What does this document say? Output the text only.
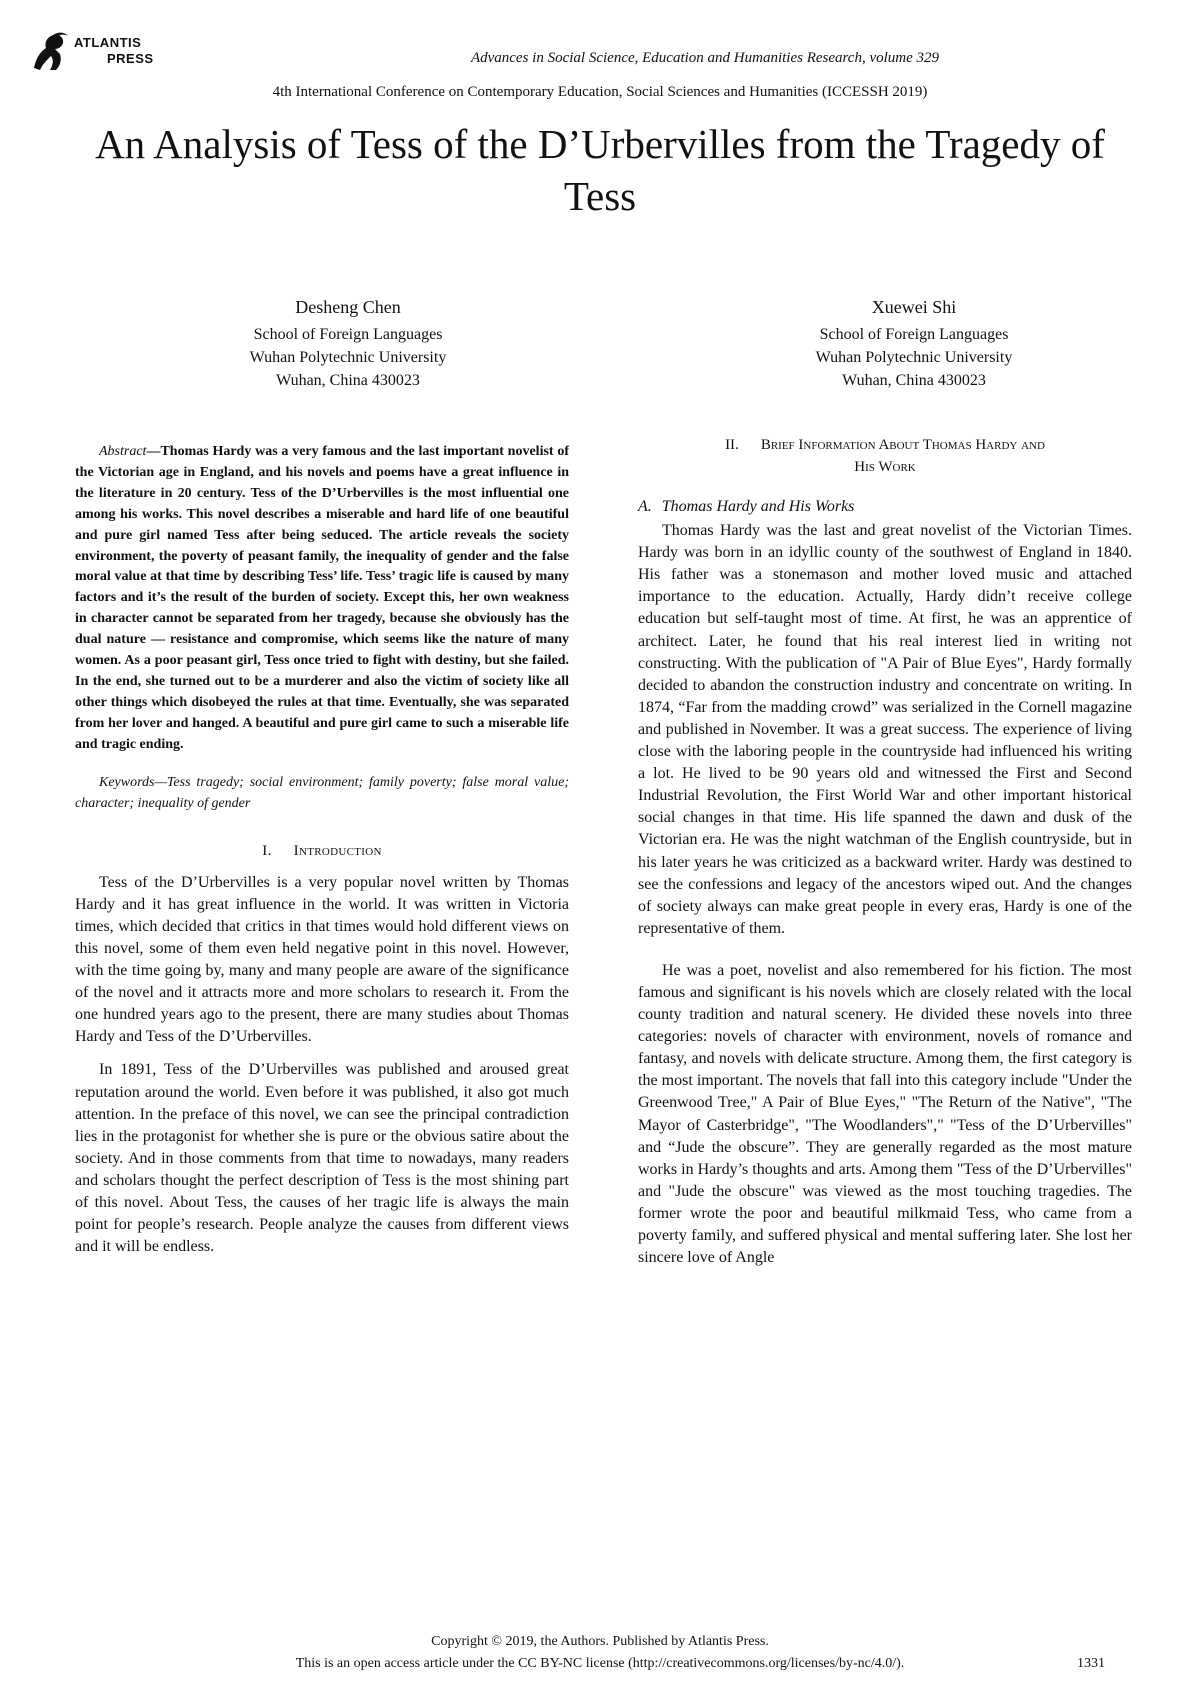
ATLANTIS
PRESS	Advances in Social Science, Education and Humanities Research, volume 329
4th International Conference on Contemporary Education, Social Sciences and Humanities (ICCESSH 2019)
An Analysis of Tess of the D’Urbervilles from the Tragedy of Tess
Desheng Chen
School of Foreign Languages
Wuhan Polytechnic University
Wuhan, China 430023
Xuewei Shi
School of Foreign Languages
Wuhan Polytechnic University
Wuhan, China 430023

Abstract—Thomas Hardy was a very famous and the last important novelist of the Victorian age in England, and his novels and poems have a great influence in the literature in 20 century. Tess of the D’Urbervilles is the most influential one among his works. This novel describes a miserable and hard life of one beautiful and pure girl named Tess after being seduced. The article reveals the society environment, the poverty of peasant family, the inequality of gender and the false moral value at that time by describing Tess’ life. Tess’ tragic life is caused by many factors and it’s the result of the burden of society. Except this, her own weakness in character cannot be separated from her tragedy, because she obviously has the dual nature — resistance and compromise, which seems like the nature of many women. As a poor peasant girl, Tess once tried to fight with destiny, but she failed. In the end, she turned out to be a murderer and also the victim of society like all other things which disobeyed the rules at that time. Eventually, she was separated from her lover and hanged. A beautiful and pure girl came to such a miserable life and tragic ending.

Keywords—Tess tragedy; social environment; family poverty; false moral value; character; inequality of gender

I. Introduction

Tess of the D’Urbervilles is a very popular novel written by Thomas Hardy and it has great influence in the world. It was written in Victoria times, which decided that critics in that times would hold different views on this novel, some of them even held negative point in this novel. However, with the time going by, many and many people are aware of the significance of the novel and it attracts more and more scholars to research it. From the one hundred years ago to the present, there are many studies about Thomas Hardy and Tess of the D’Urbervilles.

In 1891, Tess of the D’Urbervilles was published and aroused great reputation around the world. Even before it was published, it also got much attention. In the preface of this novel, we can see the principal contradiction lies in the protagonist for whether she is pure or the obvious satire about the society. And in those comments from that time to nowadays, many readers and scholars thought the perfect description of Tess is the most shining part of this novel. About Tess, the causes of her tragic life is always the main point for people’s research. People analyze the causes from different views and it will be endless.

II. Brief Information About Thomas Hardy and
His Work
A. Thomas Hardy and His Works

Thomas Hardy was the last and great novelist of the Victorian Times. Hardy was born in an idyllic county of the southwest of England in 1840. His father was a stonemason and mother loved music and attached importance to the education. Actually, Hardy didn’t receive college education but self-taught most of time. At first, he was an apprentice of architect. Later, he found that his real interest lied in writing not constructing. With the publication of "A Pair of Blue Eyes", Hardy formally decided to abandon the construction industry and concentrate on writing. In 1874, “Far from the madding crowd” was serialized in the Cornell magazine and published in November. It was a great success. The experience of living close with the laboring people in the countryside had influenced his writing a lot. He lived to be 90 years old and witnessed the First and Second Industrial Revolution, the First World War and other important historical social changes in that time. His life spanned the dawn and dusk of the Victorian era. He was the night watchman of the English countryside, but in his later years he was criticized as a backward writer. Hardy was destined to see the confessions and legacy of the ancestors wiped out. And the changes of society always can make great people in every eras, Hardy is one of the representative of them.

He was a poet, novelist and also remembered for his fiction. The most famous and significant is his novels which are closely related with the local county tradition and natural scenery. He divided these novels into three categories: novels of character with environment, novels of romance and fantasy, and novels with delicate structure. Among them, the first category is the most important. The novels that fall into this category include "Under the Greenwood Tree," A Pair of Blue Eyes," "The Return of the Native", "The Mayor of Casterbridge", "The Woodlanders"," "Tess of the D’Urbervilles" and “Jude the obscure”. They are generally regarded as the most mature works in Hardy’s thoughts and arts. Among them "Tess of the D’Urbervilles" and "Jude the obscure" was viewed as the most touching tragedies. The former wrote the poor and beautiful milkmaid Tess, who came from a poverty family, and suffered physical and mental suffering later. She lost her sincere love of Angle

Copyright © 2019, the Authors. Published by Atlantis Press.
This is an open access article under the CC BY-NC license (http://creativecommons.org/licenses/by-nc/4.0/).	1331
